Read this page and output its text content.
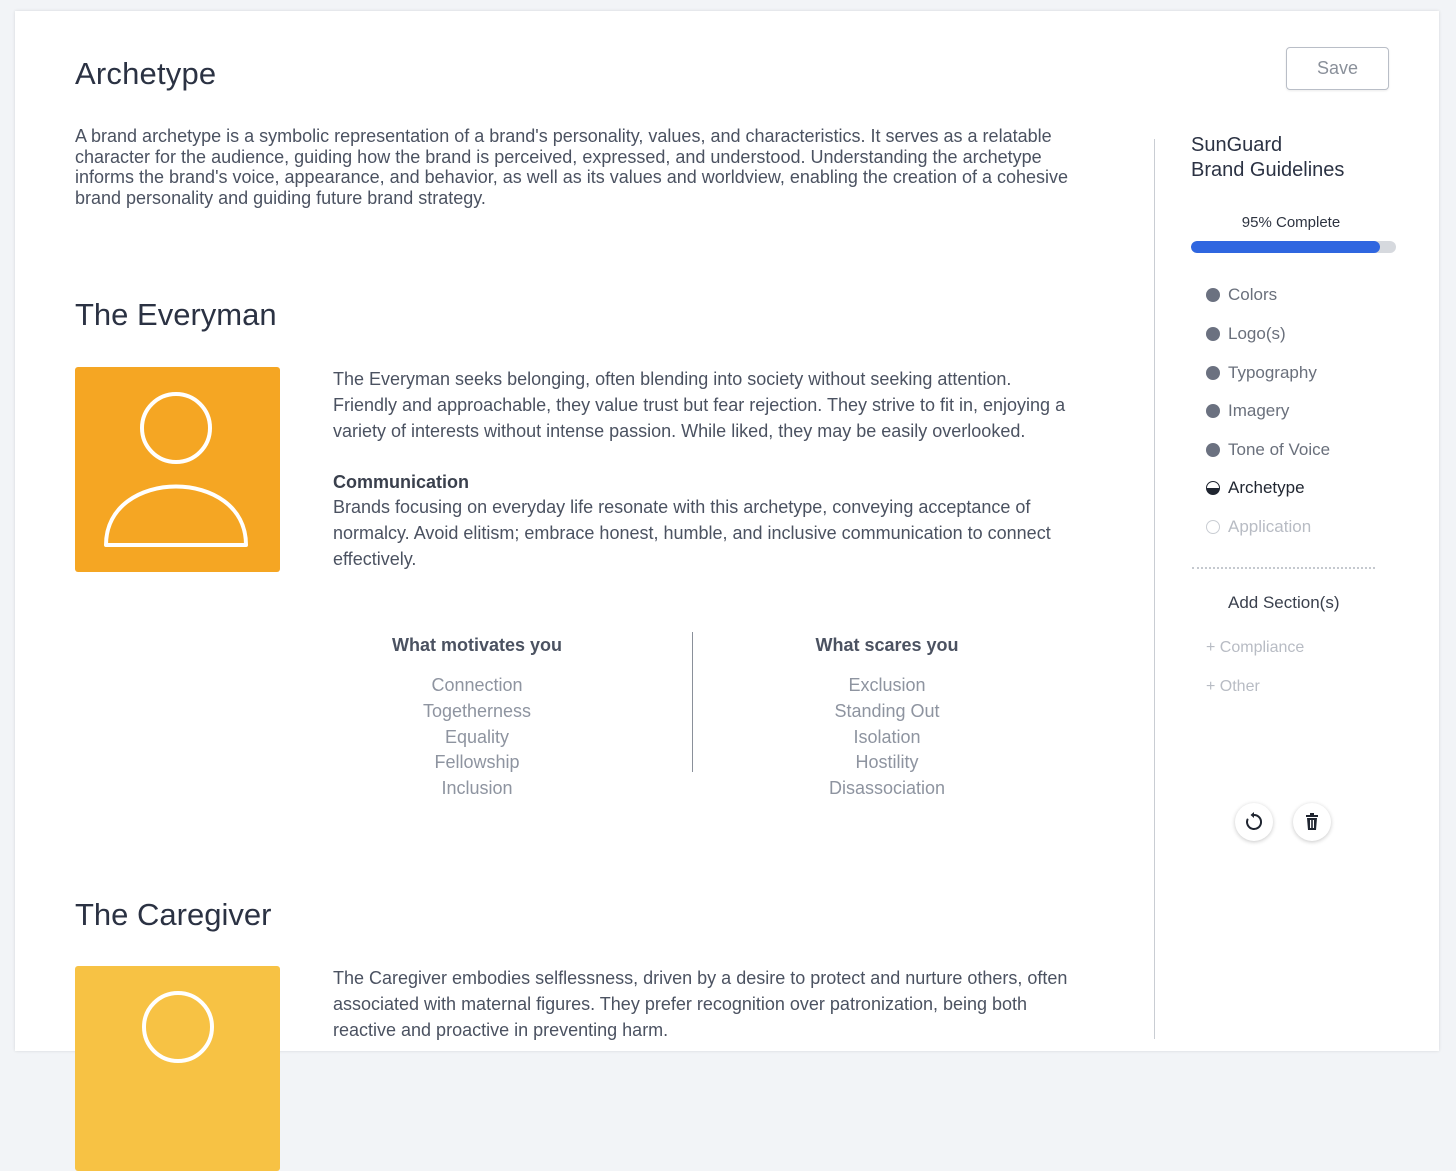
Archetype	Save

A brand archetype is a symbolic representation of a brand's personality, values, and characteristics. It serves as a relatable character for the audience, guiding how the brand is perceived, expressed, and understood. Understanding the archetype informs the brand's voice, appearance, and behavior, as well as its values and worldview, enabling the creation of a cohesive brand personality and guiding future brand strategy.

The Everyman

The Everyman seeks belonging, often blending into society without seeking attention. Friendly and approachable, they value trust but fear rejection. They strive to fit in, enjoying a variety of interests without intense passion. While liked, they may be easily overlooked.

Communication

Brands focusing on everyday life resonate with this archetype, conveying acceptance of normalcy. Avoid elitism; embrace honest, humble, and inclusive communication to connect effectively.

What motivates you
Connection
Togetherness
Equality
Fellowship
Inclusion
What scares you
Exclusion
Standing Out
Isolation
Hostility
Disassociation
The Caregiver

The Caregiver embodies selflessness, driven by a desire to protect and nurture others, often associated with maternal figures. They prefer recognition over patronization, being both reactive and proactive in preventing harm.

SunGuard
Brand Guidelines
95% Complete
Colors
Logo(s)
Typography
Imagery
Tone of Voice
Archetype
Application
Add Section(s)
+ Compliance
+ Other
